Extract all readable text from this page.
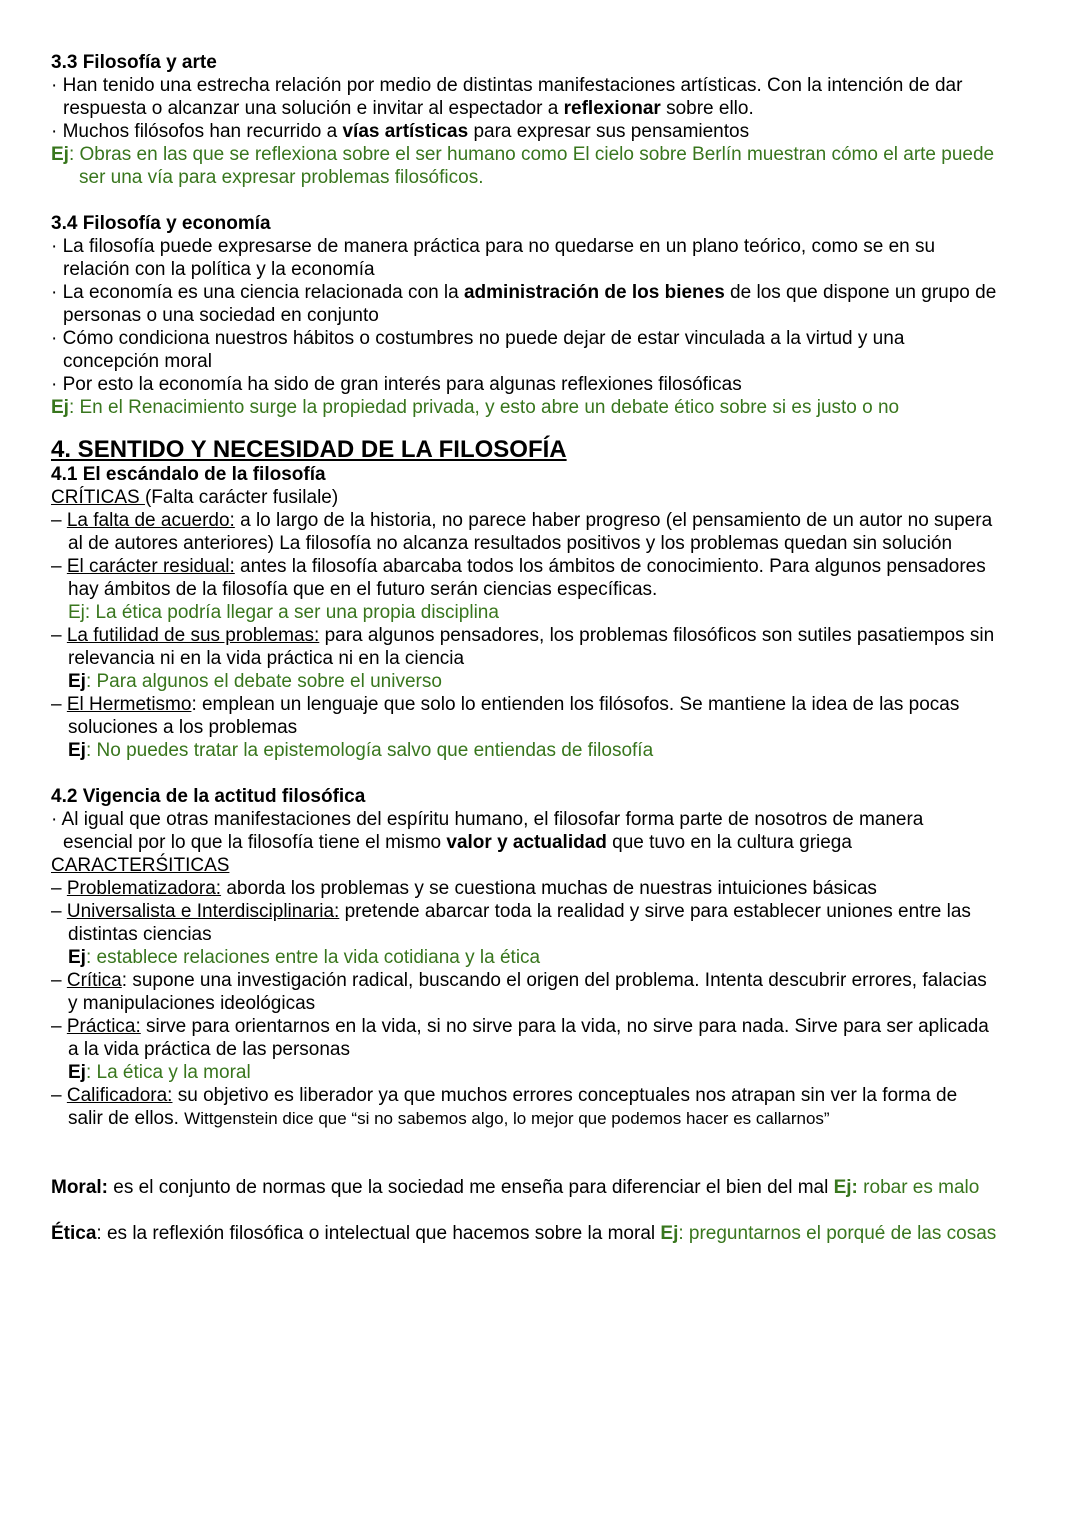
3.3 Filosofía y arte

· Han tenido una estrecha relación por medio de distintas manifestaciones artísticas. Con la intención de dar

respuesta o alcanzar una solución e invitar al espectador a reflexionar sobre ello.

· Muchos filósofos han recurrido a vías artísticas para expresar sus pensamientos

Ej: Obras en las que se reflexiona sobre el ser humano como El cielo sobre Berlín muestran cómo el arte puede

ser una vía para expresar problemas filosóficos.

3.4 Filosofía y economía

· La filosofía puede expresarse de manera práctica para no quedarse en un plano teórico, como se en su

relación con la política y la economía

· La economía es una ciencia relacionada con la administración de los bienes de los que dispone un grupo de

personas o una sociedad en conjunto

· Cómo condiciona nuestros hábitos o costumbres no puede dejar de estar vinculada a la virtud y una

concepción moral

· Por esto la economía ha sido de gran interés para algunas reflexiones filosóficas

Ej: En el Renacimiento surge la propiedad privada, y esto abre un debate ético sobre si es justo o no

4. SENTIDO Y NECESIDAD DE LA FILOSOFÍA

4.1 El escándalo de la filosofía

CRÍTICAS (Falta carácter fusilale)

– La falta de acuerdo: a lo largo de la historia, no parece haber progreso (el pensamiento de un autor no supera

al de autores anteriores) La filosofía no alcanza resultados positivos y los problemas quedan sin solución

– El carácter residual: antes la filosofía abarcaba todos los ámbitos de conocimiento. Para algunos pensadores

hay ámbitos de la filosofía que en el futuro serán ciencias específicas.

Ej: La ética podría llegar a ser una propia disciplina

– La futilidad de sus problemas: para algunos pensadores, los problemas filosóficos son sutiles pasatiempos sin

relevancia ni en la vida práctica ni en la ciencia

Ej: Para algunos el debate sobre el universo

– El Hermetismo: emplean un lenguaje que solo lo entienden los filósofos. Se mantiene la idea de las pocas

soluciones a los problemas

Ej: No puedes tratar la epistemología salvo que entiendas de filosofía

4.2 Vigencia de la actitud filosófica

· Al igual que otras manifestaciones del espíritu humano, el filosofar forma parte de nosotros de manera

esencial por lo que la filosofía tiene el mismo valor y actualidad que tuvo en la cultura griega

CARACTERŚITICAS

– Problematizadora: aborda los problemas y se cuestiona muchas de nuestras intuiciones básicas

– Universalista e Interdisciplinaria: pretende abarcar toda la realidad y sirve para establecer uniones entre las

distintas ciencias

Ej: establece relaciones entre la vida cotidiana y la ética

– Crítica: supone una investigación radical, buscando el origen del problema. Intenta descubrir errores, falacias

y manipulaciones ideológicas

– Práctica: sirve para orientarnos en la vida, si no sirve para la vida, no sirve para nada. Sirve para ser aplicada

a la vida práctica de las personas

Ej: La ética y la moral

– Calificadora: su objetivo es liberador ya que muchos errores conceptuales nos atrapan sin ver la forma de

salir de ellos. Wittgenstein dice que “si no sabemos algo, lo mejor que podemos hacer es callarnos”

Moral: es el conjunto de normas que la sociedad me enseña para diferenciar el bien del mal Ej: robar es malo

Ética: es la reflexión filosófica o intelectual que hacemos sobre la moral Ej: preguntarnos el porqué de las cosas
